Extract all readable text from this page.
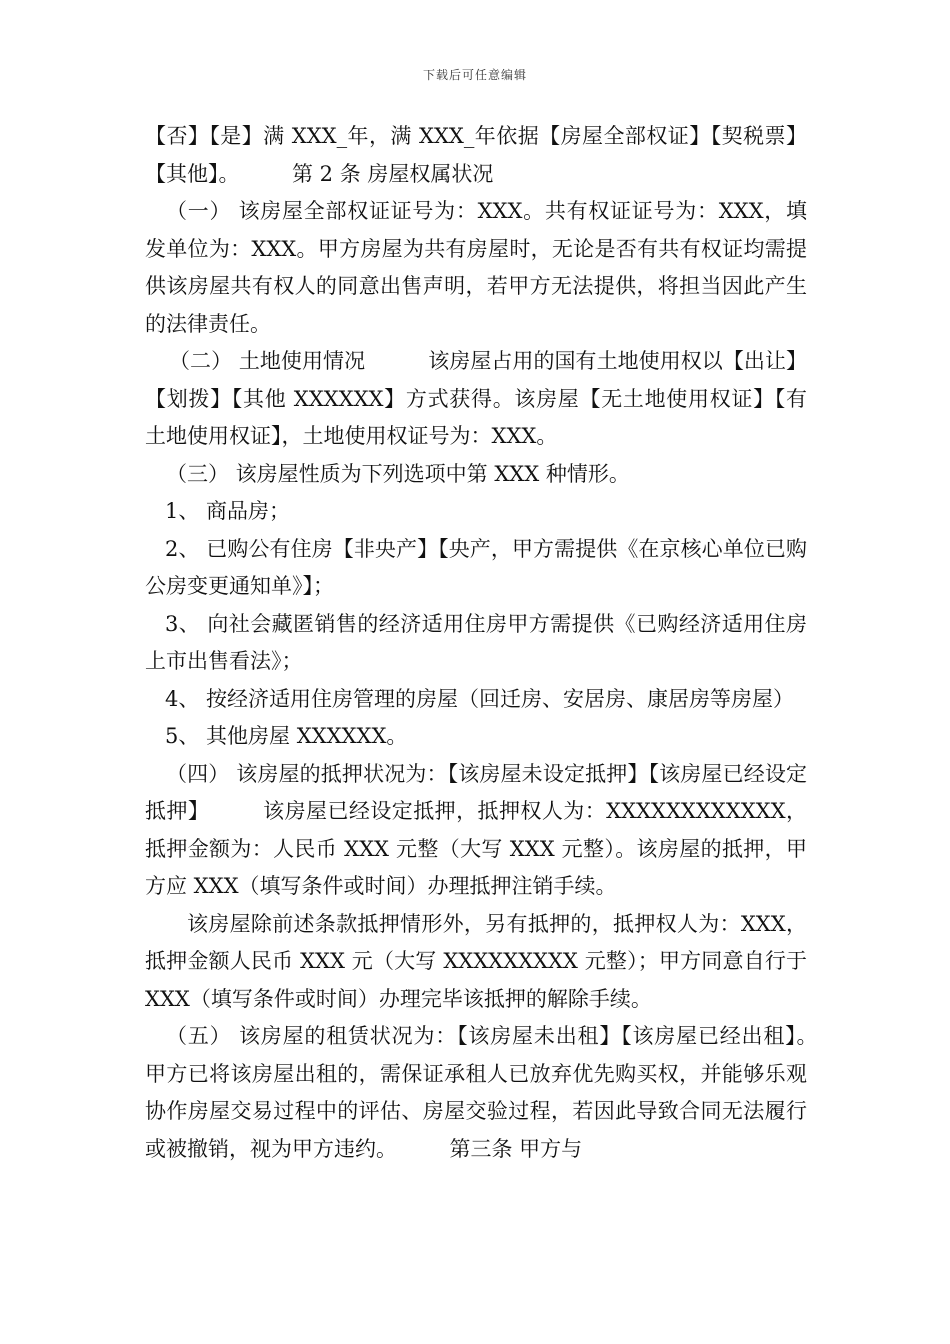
下载后可任意编辑

【否】【是】满 XXX_年，满 XXX_年依据【房屋全部权证】【契税票】【其他】。　　　第 2 条 房屋权属状况

（一） 该房屋全部权证证号为：XXX。共有权证证号为：XXX，填发单位为：XXX。甲方房屋为共有房屋时，无论是否有共有权证均需提供该房屋共有权人的同意出售声明，若甲方无法提供，将担当因此产生的法律责任。

（二） 土地使用情况　　　该房屋占用的国有土地使用权以【出让】【划拨】【其他 XXXXXX】方式获得。该房屋【无土地使用权证】【有土地使用权证】，土地使用权证号为：XXX。

（三） 该房屋性质为下列选项中第 XXX 种情形。

1、 商品房；

2、 已购公有住房【非央产】【央产，甲方需提供《在京核心单位已购公房变更通知单》】；

3、 向社会藏匿销售的经济适用住房甲方需提供《已购经济适用住房上市出售看法》；

4、 按经济适用住房管理的房屋（回迁房、安居房、康居房等房屋）

5、 其他房屋 XXXXXX。

（四） 该房屋的抵押状况为：【该房屋未设定抵押】【该房屋已经设定抵押】　　　该房屋已经设定抵押，抵押权人为：XXXXXXXXXXXX，抵押金额为：人民币 XXX 元整（大写 XXX 元整）。该房屋的抵押，甲方应 XXX（填写条件或时间）办理抵押注销手续。

该房屋除前述条款抵押情形外，另有抵押的，抵押权人为：XXX，抵押金额人民币 XXX 元（大写 XXXXXXXXX 元整）；甲方同意自行于 XXX（填写条件或时间）办理完毕该抵押的解除手续。

（五） 该房屋的租赁状况为：【该房屋未出租】【该房屋已经出租】。　　　甲方已将该房屋出租的，需保证承租人已放弃优先购买权，并能够乐观协作房屋交易过程中的评估、房屋交验过程，若因此导致合同无法履行或被撤销，视为甲方违约。　　　第三条 甲方与
